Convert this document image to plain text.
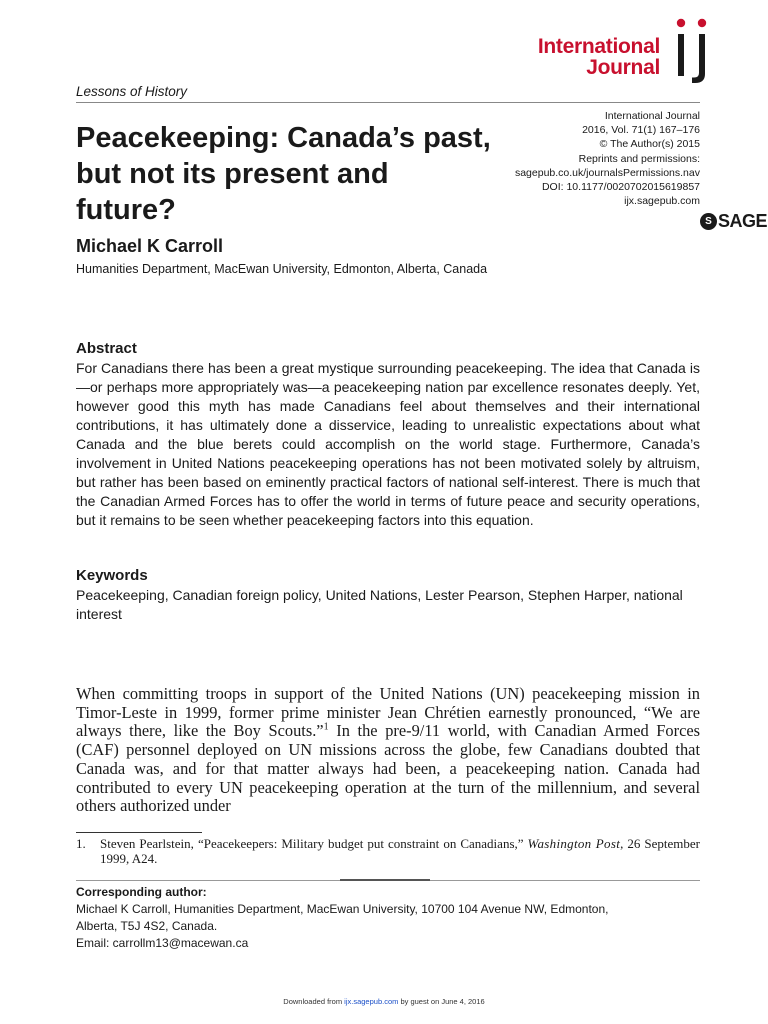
International
Journal
Lessons of History
Peacekeeping: Canada’s past, but not its present and future?
International Journal
2016, Vol. 71(1) 167–176
© The Author(s) 2015
Reprints and permissions:
sagepub.co.uk/journalsPermissions.nav
DOI: 10.1177/0020702015619857
ijx.sagepub.com
S SAGE
Michael K Carroll
Humanities Department, MacEwan University, Edmonton, Alberta, Canada
Abstract
For Canadians there has been a great mystique surrounding peacekeeping. The idea that Canada is—or perhaps more appropriately was—a peacekeeping nation par excellence resonates deeply. Yet, however good this myth has made Canadians feel about themselves and their international contributions, it has ultimately done a disservice, leading to unrealistic expectations about what Canada and the blue berets could accomplish on the world stage. Furthermore, Canada’s involvement in United Nations peacekeeping operations has not been motivated solely by altruism, but rather has been based on eminently practical factors of national self-interest. There is much that the Canadian Armed Forces has to offer the world in terms of future peace and security operations, but it remains to be seen whether peacekeeping factors into this equation.
Keywords
Peacekeeping, Canadian foreign policy, United Nations, Lester Pearson, Stephen Harper, national interest
When committing troops in support of the United Nations (UN) peacekeeping mission in Timor-Leste in 1999, former prime minister Jean Chrétien earnestly pronounced, “We are always there, like the Boy Scouts.”$^1$ In the pre-9/11 world, with Canadian Armed Forces (CAF) personnel deployed on UN missions across the globe, few Canadians doubted that Canada was, and for that matter always had been, a peacekeeping nation. Canada had contributed to every UN peacekeeping operation at the turn of the millennium, and several others authorized under
1. Steven Pearlstein, “Peacekeepers: Military budget put constraint on Canadians,” Washington Post, 26 September 1999, A24.
Corresponding author:
Michael K Carroll, Humanities Department, MacEwan University, 10700 104 Avenue NW, Edmonton,
Alberta, T5J 4S2, Canada.
Email: carrollm13@macewan.ca
Downloaded from ijx.sagepub.com by guest on June 4, 2016
